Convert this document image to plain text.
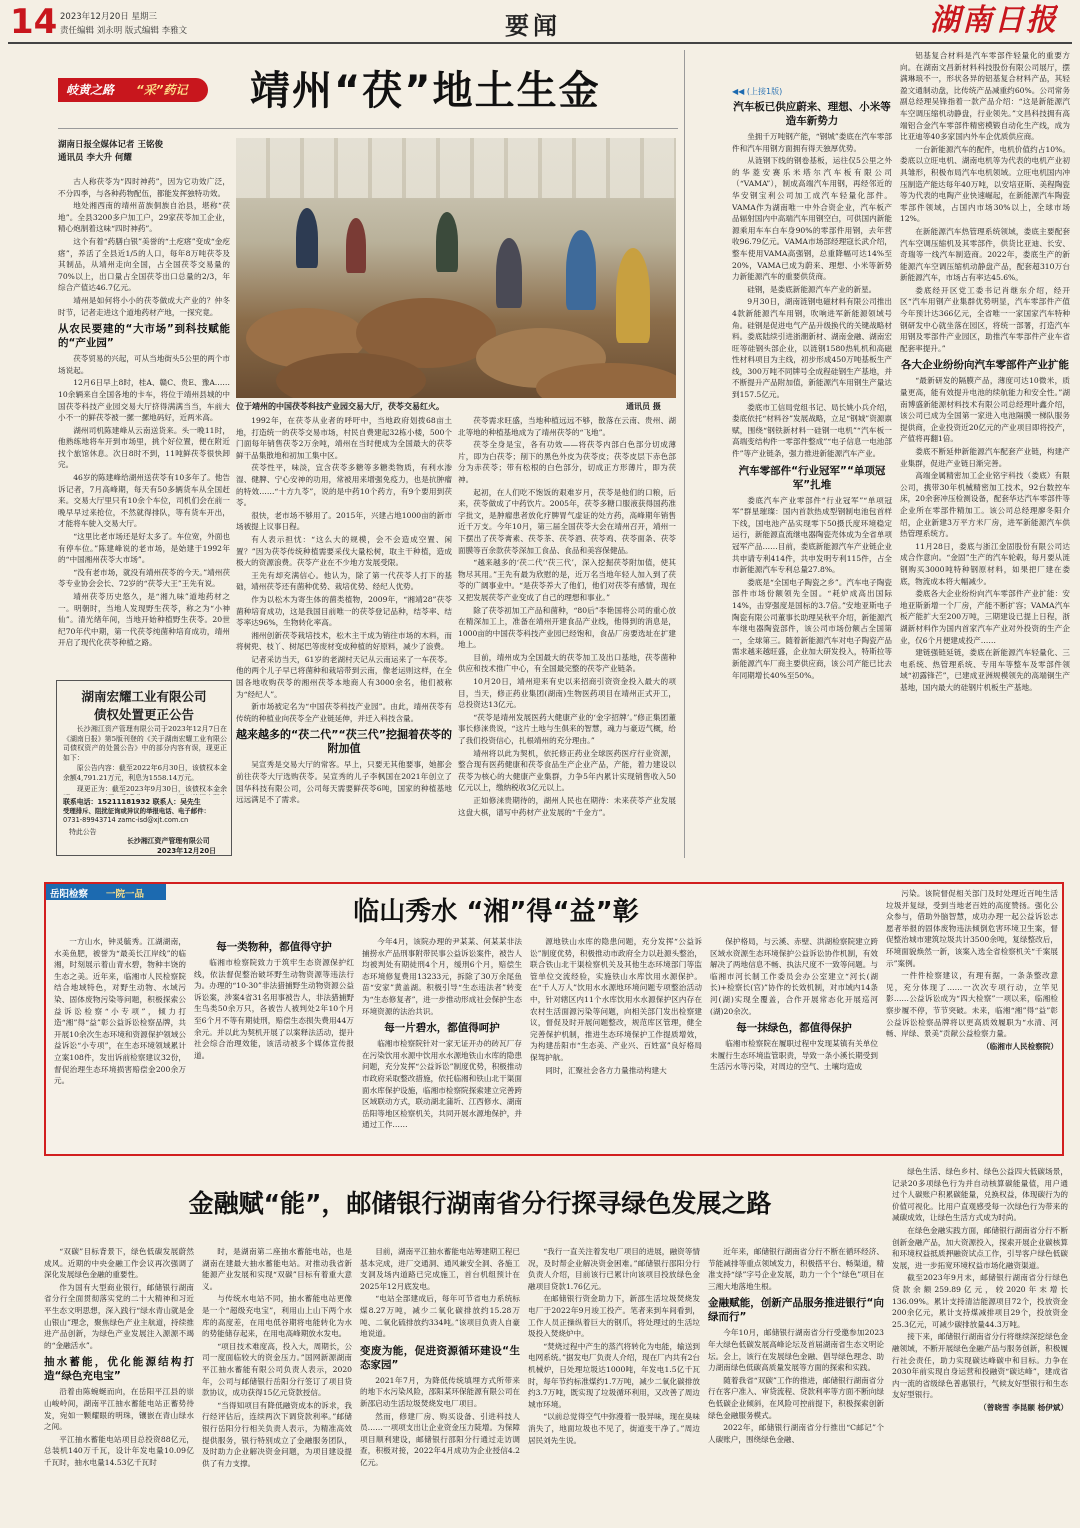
14 2023年12月20日 星期三
责任编辑 刘永明 版式编辑 李雅文	要闻	湖南日报
岐黄之路 “采”药记 靖州“茯”地土生金
湖南日报全媒体记者 王铭俊
通讯员 李大升 何耀
位于靖州的中国茯苓科技产业园交易大厅，茯苓交易红火。	通讯员 摄

古人称茯苓为“四时神药”，因为它功效广泛，不分四季，与各种药物配伍，都能发挥独特功效。

地处湘西南的靖州苗族侗族自治县，堪称“茯地”。全县3200多户加工户，29家茯苓加工企业，精心炮制着这味“四时神药”。

这个有着“药膳白银”美誉的“土疙瘩”变成“金疙瘩”，养活了全县近1/5的人口，每年8万吨茯苓及其制品，从靖州走向全国，占全国茯苓交易量的70%以上，出口量占全国茯苓出口总量的2/3，年综合产值达46.7亿元。

靖州是如何将小小的茯苓做成大产业的？仲冬时节，记者走进这个道地药材产地，一探究竟。

从农民要建的“大市场”到科技赋能的“产业园”

茯苓贸易的兴起，可从当地街头5公里的两个市场说起。

12月6日早上8时，桂A、赣C、贵E、豫A……10余辆来自全国各地的卡车，将位于靖州县城的中国茯苓科技产业园交易大厅挤得满满当当，车前大小不一的鲜茯苓被一摞一摞地码好，近两米高。

湖州司机陈建峰从云南送货来。头一晚11时，他熟练地将车开到市场里，挑个好位置，便在附近找个旅馆休息。次日8时不到，11吨鲜茯苓很快卸完。

46岁的陈建峰给湖州送茯苓有10多年了。他告诉记者，7月高峰期，每天有50多辆货车从全国赶来。交易大厅里只有10余个车位，司机们会在前一晚早早过来抢位，不然就得排队，等有货车开出，才能将车驶入交易大厅。

“这里比老市场还是好太多了。车位宽，外面也有停车位。”陈建峰说的老市场，是始建于1992年的“中国湘州茯苓大市场”。

“没有老市场，就没有靖州茯苓的今天。”靖州茯苓专业协会会长、72岁的“茯苓大王”王先有说。

靖州茯苓历史悠久，是“湘九味”道地药材之一。明朝时，当地人发现野生茯苓，称之为“小神仙”。清光绪年间，当地开始种植野生茯苓。20世纪70年代中期，第一代茯苓纯菌种培育成功，靖州开启了现代化茯苓种植之路。

1992年，在茯苓从业者的呼吁中，当地政府划拨68亩土地，打造统一的茯苓交易市场，村民自费建起32栋小楼，500个门面每年销售茯苓2万余吨，靖州在当时便成为全国最大的茯苓鲜干品集散地和初加工集中区。

茯苓性平，味淡，宜含茯苓多糖等多糖类物质，有利水渗湿、健脾、宁心安神的功用，常被用来增强免疫力，也是抗肿瘤的特效……“十方九苓”，说的是中药10个药方，有9个要用到茯苓。

很快，老市场不够用了。2015年，兴建占地1000亩的新市场被提上议事日程。

有人表示担忧：“这么大的规模，会不会造成空置、闲置？”因为茯苓传统种植需要采伐大量松树，取主干种植，造成极大的资源浪费。茯苓产业在不少地方发展受限。

王先有却充满信心。他认为，除了第一代茯苓人打下的基础，靖州茯苓还有菌种优势、栽培优势、经纪人优势。

作为以松木为寄生体的菌类植物，2009年，“湘靖28”茯苓菌种培育成功，这是我国目前唯一的茯苓登记品种，结苓率、结苓率达96%，生物转化率高。

湘州创新茯苓栽培技术，松木主干成为销往市场的木料，而将树兜、枝丫、树尾巴等废材变成种植的好原料，减少了浪费。

记者采访当天，61岁的老湖村天记从云南运来了一车茯苓。他的两个儿子早已将菌种和栽培带到云南，像老运则这样，在全国各地收购茯苓的湘州茯苓本地商人有3000余名，他们被称为“经纪人”。

新市场被定名为“中国茯苓科技产业园”。由此，靖州茯苓有传统的种植业向茯苓全产业链延伸，并迁入科技含量。

越来越多的“茯二代”“茯三代”挖掘着茯苓的附加值

吴宣秀是交易大厅的常客。早上，只要无其他要事，她都会前往茯苓大厅选购茯苓。吴宣秀的儿子李枫国在2021年创立了国华科技有限公司，公司每天需要鲜茯苓6吨，国家的种植基地远远满足不了需求。

茯苓需求旺盛，当地种植远远不够，散落在云南、贵州、湖北等地的种植基地成为了靖州茯苓的“飞地”。

茯苓全身是宝，各有功效——将茯苓内部白色部分切成薄片，即为白茯苓；削下的黑色外皮为茯苓皮；茯苓皮层下赤色部分为赤茯苓；带有松根的白色部分，切成正方形薄片，即为茯神。

起初，在人们吃不饱饭的艰难岁月，茯苓是他们的口粮，后来，茯苓做成了中药饮片。2005年，茯苓多糖口服液获得国药准字批文，是肿瘤患者放化疗脾胃气虚证的处方药，高峰期年销售近千万支。今年10月，第三届全国茯苓大会在靖州召开，靖州一下摆出了茯苓膏素、茯苓茶、茯苓酒、茯苓鸡、茯苓面条、茯苓面膜等百余款茯苓深加工食品、食品和美容保健品。

“越来越多的‘茯二代’‘茯三代’，深入挖掘茯苓附加值，使其物尽其用。”王先有最为欣慰的是，近万名当地年轻人加入到了茯苓的广阔事业中。“是茯苓养大了他们，他们对茯苓有感情，现在又把发展茯苓产业变成了自己的理想和事业。”

除了茯苓初加工产品和菌种，“80后”李艳国将公司的重心放在精深加工上，准备在靖州开建食品产业线，他得到的消息是，1000亩的中国茯苓科技产业园已经饱和，食品厂房要选址在扩建地上。

目前，靖州成为全国最大的茯苓加工及出口基地，茯苓菌种供应和技术推广中心，有全国最完整的茯苓产业链条。

10月20日，靖州迎来有史以来招商引资资金投入最大的项目，当天，修正药业集团(湖南)生物医药项目在靖州正式开工，总投资达13亿元。

“茯苓是靖州发展医药大健康产业的‘金字招牌’。”修正集团董事长修涞贵说，“这片土地与生俱来的智慧，魂力与豪迈气概，给了我们投资信心，扎根靖州的充分理由。”

靖州将以此为契机，依托修正药业全球医药医疗行业资源，整合现有医药健康和茯苓食品生产企业产品，产能，着力建设以茯苓为核心的大健康产业集群，力争5年内累计实现销售收入50亿元以上，缴纳税收3亿元以上。

正如修涞贵期待的，湖州人民也在期待：未来茯苓产业发展这盘大棋，谱写中药材产业发展的“千金方”。

湖南宏耀工业有限公司
债权处置更正公告

长沙湘江资产管理有限公司于2023年12月7日在《湖南日报》第5版刊登的《关于湖南宏耀工业有限公司债权资产的处置公告》中的部分内容有误，现更正如下：

原公告内容：截至2022年6月30日，该债权本金余额4,791.21万元，利息为1558.14万元。

现更正为：截至2023年9月30日，该债权本金余

联系电话：15211181932 联系人：吴先生
受理排斥、阻扰征询或异议的举报电话、电子邮件：
0731-89943714 zamc-isd@xjt.com.cn
特此公告
长沙湘江资产管理有限公司
2023年12月20日
◀◀ (上接1版)
汽车板已供应蔚来、理想、小米等造车新势力

坐拥千万吨钢产能，“钢城”娄底在汽车零部件和汽车用钢方面拥有得天独厚优势。

从涟钢下线的钢卷基板，运往仅5公里之外的华菱安赛乐米塔尔汽车板有限公司（“VAMA”），制成高端汽车用钢，再经邻近的华安钢宝利公司加工成汽车轻量化部件。VAMA作为湖南唯一中外合资企业，汽车板产品辐射国内中高端汽车用钢空白，可供国内新能源乘用车车白车身90%的零部件用钢，去年营收96.79亿元。VAMA市场部经理寇长武介绍，整车使用VAMA高强钢，总重降幅可达14%至20%，VAMA已成为蔚来、理想、小米等新势力新能源汽车的重要供货商。

硅钢，是娄底新能源汽车产业的新星。

9月30日，湖南涟钢电磁材料有限公司推出4款新能源汽车用钢，吹响进军新能源领域号角。硅钢是促进电气产品升级换代的关键战略材料。娄底陆续引进浙潮新材、湖南金融、湖南宏旺等硅钢头部企业，以涟钢1580热轧机和高磁性材料项目为主线，初步形成450万吨基板生产线，300万吨不同牌号全成程硅钢生产基地，并不断提升产品附加值，新能源汽车用钢生产量达到157.5亿元。

娄底市工信局党组书记、局长姚小兵介绍，娄底依托“材料谷”发展战略，立足“钢城”资源禀赋，围绕“钢铁新材料一硅钢一电机”“汽车板一高端变结构件一零部件整成”“电子信息一电池部件”等产业链条，强力推进新能源汽车产业。

汽车零部件“行业冠军”“单项冠军”扎堆

娄底汽车产业零部件“行业冠军”“单项冠军”群星璀璨：国内首款热成型钢制电池包首样下线，国电池产品实现零下50摄氏度环境稳定运行，新能源直流继电器陶瓷壳体成为全省单项冠军产品……目前，娄底新能源汽车产业链企业共申请专利414件，共申发明专利115件，占全市新能源汽车专利总量27.8%。

娄底是“全国电子陶瓷之乡”。汽车电子陶瓷部件市场份额领先全国。“耗炉成高出国际14%，击穿强度是国标的3.7倍。”安地亚斯电子陶瓷有限公司董事长助理吴秋平介绍，新能源汽车继电器陶瓷部件，该公司市场份额占全国第一，全球第三。随着新能源汽车对电子陶瓷产品需求越来越旺盛，企业加大研发投入，特斯拉等新能源汽车厂商主要供应商，该公司产能已比去年同期增长40%至50%。

铝基复合材料是汽车零部件轻量化的重要方向。在湖南文昌新材料科技股份有限公司展厅，摆满琳琅不一，形状各异的铝基复合材料产品，其轻盈文通制动盘，比传统产品减重约60%。公司常务副总经理吴锋指着一款产品介绍：“这是新能源汽车空调压缩机动静盘，行业领先。”文昌科技拥有高端铝合金汽车零部件精密模锻自动化生产线，成为比亚迪等40多家国内外车企优质供应商。

一台新能源汽车的配件，电机价值约占10%。娄底以立旺电机、湖南电机等为代表的电机产业初具雏形，积极布局汽车电机领域。立旺电机国内冲压制造产能达每年40万吨，以安培亚斯、美程陶瓷等为代表的电陶产业快速崛起，在新能源汽车陶瓷零部件领域，占国内市场30%以上，全球市场12%。

在新能源汽车热管理系统领域，娄底主要配套汽车空调压缩机及其零部件，供货比亚迪、长安、奇瑞等一线汽车制造商。2022年，娄底生产的新能源汽车空调压缩机动静盘产品，配套超310万台新能源汽车，市场占有率达45.6%。

娄底经开区党工委书记肖继东介绍，经开区“汽车用钢产业集群优势明显，汽车零部件产值今年预计达366亿元，全省唯一一家国家汽车特种钢研发中心就坐落在园区，将统一部署，打造汽车用钢及零部件产业园区，助推汽车零部件产业车省配套率提升。”

各大企业纷纷向汽车零部件产业扩能

“最新研发的隔膜产品，薄度可达10微米，质量更高，能有效提升电池的续航能力和安全性。”湖南博盛新能源材料技术有限公司总经理叶鑫介绍，该公司已成为全国第一家进入电池隔膜一梯队服务提供商，企业投资近20亿元的产业项目即将投产，产值将再翻1倍。

娄底不断延伸新能源汽车配套产业链，构建产业集群，促进产业链日渐完善。

高端金属精密加工企业铭宇科技（娄底）有限公司，携带30年机械精密加工技术，92台数控车床，20余套冲压检测设备，配套华达汽车零部件等企业所在零部件精加工。该公司总经理廖冬阳介绍，企业新建3万平方米厂房，进军新能源汽车供热管理系统方。

11月28日，娄底与浙江金固股份有限公司达成合作意向。“金固”生产的汽车轮毂，每月要从涟钢购买3000吨特种钢原材料，如果把厂建在娄底，物流成本将大幅减少。

娄底各大企业纷纷向汽车零部件产业扩能：安地亚斯新增一个厂房，产能不断扩容；VAMA汽车板产能扩大至200万吨，三期建设已提上日程，浙湖新材料作为国内首家汽车产业对外投资的生产企业，仅6个月便建成投产……

建链强链延链，娄底在新能源汽车轻量化、三电系统、热管理系统、专用车等整车及零部件领域“初露锋芒”，已建成亚洲规模领先的高端铜生产基地，国内最大的硅钢片机板生产基地。

岳阳检察 一院一品
临山秀水 “湘”得“益”彰

一方山水，钟灵毓秀。江湖湖南，水美鱼肥，被誉为“最美长江岸线”的临湘，时刻展示着山青水碧，物种丰饶的生态之美。近年来，临湘市人民检察院结合地域特色，对野生动物、水域污染、固体废物污染等问题，积极探索公益诉讼检察“小专项”，倾力打造“湘”得“益”彰公益诉讼检察品牌，共开展10余次生态环境和资源保护领域公益诉讼“小专项”，在生态环境领域累计立案108件，发出诉前检察建议32份，督促治理生态环境损害赔偿金200余万元。

每一类物种，都值得守护

临湘市检察院致力于筑牢生态资源保护红线，依法督促整治破坏野生动物资源等违法行为。办理的“10·30”非法猎捕野生动物资源公益诉讼案，涉案4省31名用事被告人，非法猎捕野生鸟类50余万只，各被告人被判处2年10个月至6个月不等有期徒刑，赔偿生态损失费用44万余元。并以此为契机开展了以案释法活动，提升社会综合治理效能，该活动被多个媒体宣传报道。

今年4月，该院办理的尹某某、何某某非法捕捞水产品刑事附带民事公益诉讼案件，被告人均被判处有期徒刑4个月，缓刑6个月，赔偿生态环境修复费用13233元，拆除了30万余尾鱼苗“安家”黄盖湖。积极引导“生态违法者”转变为“生态修复者”，进一步推动形成社会保护生态环境资源的法治共识。

每一片碧水，都值得呵护

临湘市检察院针对一家无证开办的砖瓦厂存在污染饮用水源中饮用水水源地铁山水库的隐患问题，充分发挥“公益诉讼”制度优势，积极推动市政府采取整改措施，依托临湘和铁山北干渠面面水库保护设施，临湘市检察院探索建立完善跨区域联动方式，联动湖北蒲圻、江西修水、湖南岳阳等地区检察机关，共同开展水源地保护，并通过工作……

源地铁山水库的隐患问题，充分发挥“公益诉讼”制度优势，积极推动市政府全力以赴源头整治，联合铁山北干渠检察机关及其他生态环境部门等监管单位交流经验，实施铁山水库饮用水源保护。在“千人万人”饮用水水源地环境问题专项整治活动中，针对辖区内11个水库饮用水水源保护区内存在农村生活面源污染等问题，向相关部门发出检察建议，督促及时开展问题整改，规范库区管理，健全完善保护机制，推进生态环境保护工作提质增效，为构建岳阳市“生态美、产业兴、百姓富”良好格局保驾护航。

同时，汇聚社会各方力量推动构建大

保护格局，与云溪、赤壁、洪湖检察院建立跨区域水资源生态环境保护公益诉讼协作机制，有效解决了两地信息不畅、执法尺度不一致等问题。与临湘市河长制工作委员会办公室建立“河长(湖长)+检察长(官)”协作的长效机制，对市域内14条河(湖)实现全覆盖，合作开展常态化开展巡河(湖)20余次。

每一抹绿色，都值得保护

临湘市检察院在履职过程中发现某镇有关单位未履行生态环境监管职责，导致一条小溪长期受到生活污水等污染，对周边的空气、土壤均造成

污染。该院督促相关部门及时处理近百吨生活垃圾并复绿，受到当地老百姓的高度赞扬。强化公众参与，借助外脑智慧，成功办理一起公益诉讼志愿者举报的固体废物违法倾倒危害环境卫生案，督促整治城市建筑垃圾共计3500余吨，复绿整改后，环境面貌焕然一新，该案入选全省检察机关“千案展示”案例。

一件件检察建议，有理有据，一条条整改意见，充分体现了……一次次专项行动，立竿见影……公益诉讼成为“四大检察”一项以来，临湘检察步履不停，节节突破。未来，临湘“湘”得“益”彰公益诉讼检察品牌将以更高质效履职为“水清、河畅、岸绿、景美”贡献公益检察力量。

（临湘市人民检察院）
金融赋“能”，邮储银行湖南省分行探寻绿色发展之路

“双碳”目标背景下，绿色低碳发展蔚然成风。近期的中央金融工作会议再次强调了深化发展绿色金融的重要性。

作为国有大型商业银行，邮储银行湖南省分行全面贯彻落实党的二十大精神和习近平生态文明思想，深入践行“绿水青山就是金山银山”理念，聚焦绿色产业主航道，持续推进产品创新，为绿色产业发展注入源源不竭的“金融活水”。

抽水蓄能，优化能源结构打造“绿色充电宝”

沿着由陈蜿蜒而向，在岳阳平江县的崇山峻岭间，湖南平江抽水蓄能电站正蓄势待发，宛如一颗耀眼的明珠，镶嵌在青山绿水之间。

平江抽水蓄能电站项目总投资88亿元，总装机140万千瓦，设计年发电量10.09亿千瓦时，抽水电量14.53亿千瓦时

时，是湖南第二座抽水蓄能电站，也是湖南在建最大抽水蓄能电站。对推动我省新能源产业发展和实现“双碳”目标有着重大意义。

与传统水电站不同，抽水蓄能电站更像是一个“超级充电宝”，利用山上山下两个水库的高度差，在用电低谷期将电能转化为水的势能储存起来，在用电高峰期放水发电。

“项目技术难度高，投入大，周期长，公司一度面临较大的资金压力。”国网新源湖南平江抽水蓄能有限公司负责人表示，2020年，公司与邮储银行岳阳分行签订了项目贷款协议，成功获得15亿元贷款授信。

“当得知项目有降低融资成本的诉求，我行经评估后，连续两次下调贷款利率。”邮储银行岳阳分行相关负责人表示，为精准高效提供服务，银行特别成立了金融服务团队，及时助力企业解决资金问题，为项目建设提供了有力支撑。

目前，湖南平江抽水蓄能电站筹建期工程已基本完成，进厂交通洞、通风兼安全洞、各施工支洞及场内道路已完成施工，首台机组预计在2025年12月底发电。

“电站全部建成后，每年可节省电力系统标煤8.27万吨，减少二氧化碳排放约15.28万吨、二氧化硫排放约334吨。”该项目负责人自豪地说道。

变废为能，促进资源循环建设“生态家园”

2021年7月，为降低传统填埋方式所带来的地下水污染风险，邵阳某环保能源有限公司在新邵启动生活垃圾焚烧发电厂项目。

然而，修建厂房、购买设备、引进科技人员……一项项支出让企业资金压力陡增。为保障项目顺利建设，邮储银行邵阳分行通过走访调查，积极对接，2022年4月成功为企业授信4.2亿元。

“我行一直关注着发电厂项目的进展，融资等情况，及时帮企业解决资金困难。”邮储银行邵阳分行负责人介绍，目前该行已累计向该项目投放绿色金融项目贷款1.76亿元。

在邮储银行资金助力下，新邵生活垃圾焚烧发电厂于2022年9月竣工投产。笔者来到车间看到，工作人员正操纵着巨大的钢爪，将处理过的生活垃圾投入焚烧炉中。

“焚烧过程中产生的蒸汽将转化为电能，输送到电网系统。”据发电厂负责人介绍，现在厂内共有2台机械炉，日处理垃圾达1000吨，年发电1.5亿千瓦时，每年节约标准煤约1.7万吨，减少二氧化碳排放约3.7万吨，既实现了垃圾循环利用，又改善了周边城市环境。

“以前总觉得空气中弥漫着一股异味，现在臭味消失了，地面垃圾也不见了，街道变干净了。”周边居民刘先生说。

近年来，邮储银行湖南省分行不断在循环经济、节能减排等重点领域发力，积极搭平台、畅渠道，精准支持“绿”字号企业发展，助力一个个“绿色”项目在三湘大地落地生根。

金融赋能，创新产品服务推进银行“向绿而行”

今年10月，邮储银行湖南省分行受邀参加2023年大绿色低碳发展高峰论坛及首届湖南省生态文明论坛。会上，该行在发展绿色金融、倡导绿色理念、助力湖南绿色低碳高质量发展等方面的探索和实践。

随着我省“双碳”工作的推进，邮储银行湖南省分行在客户准入、审贷流程、贷款利率等方面不断向绿色低碳企业倾斜，在风险可控前提下，积极探索创新绿色金融服务模式。

2022年，邮储银行湖南省分行推出“C邮记”个人碳账户，围绕绿色金融、

绿色生活、绿色乡村、绿色公益四大低碳场景，记录20多项绿色行为并自动核算碳能量值，用户通过个人碳账户积累碳能量，兑换权益，体现碳行为的价值可视化。比用户直观感受每一次绿色行为带来的减碳成效，让绿色生活方式成为时尚。

在绿色金融实践方面，邮储银行湖南省分行不断创新金融产品，加大资源投入，探索开展企业碳核算和环境权益抵质押融资试点工作，引导客户绿色低碳发展，进一步拓宽环境权益市场化融资渠道。

截至2023年9月末，邮储银行湖南省分行绿色贷款余额259.89亿元，较2020年末增长136.09%。累计支持清洁能源项目72个，投放资金200余亿元，累计支持煤减排项目29个，投放资金25.3亿元，可减少碳排放量44.3万吨。

接下来，邮储银行湖南省分行将继续深挖绿色金融领域，不断开展绿色金融产品与服务创新，积极履行社会责任，助力实现碳达峰碳中和目标。力争在2030年前实现自身运营和投融资“碳达峰”，建成省内一流的省级绿色普惠银行，气候友好型银行和生态友好型银行。

（曾晓雪 李昆颐 杨伊斌）
